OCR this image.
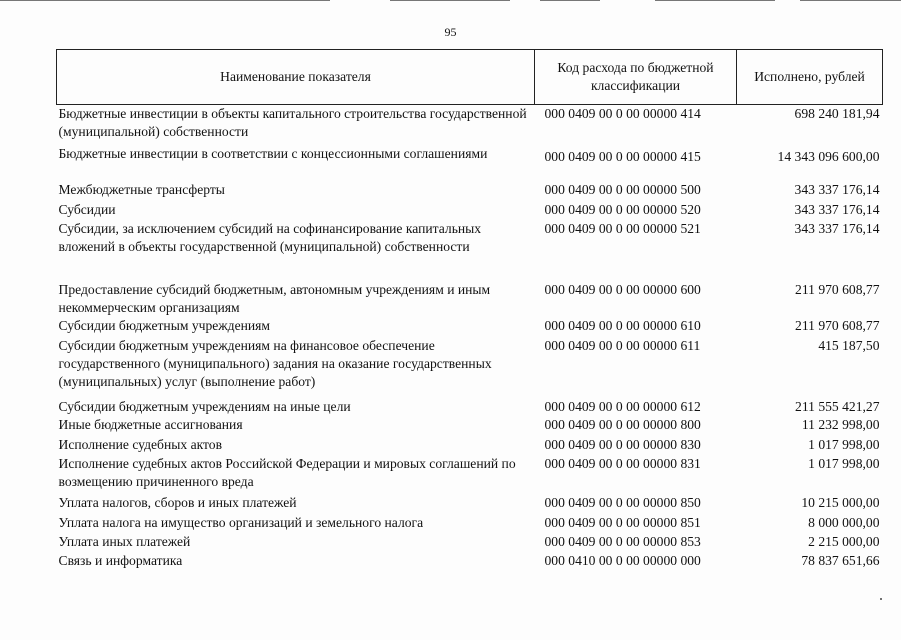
95
Наименование показателя	Код расхода по бюджетной классификации	Исполнено, рублей
Бюджетные инвестиции в объекты капитального строительства государственной (муниципальной) собственности	000 0409 00 0 00 00000 414	698 240 181,94
Бюджетные инвестиции в соответствии с концессионными соглашениями	000 0409 00 0 00 00000 415	14 343 096 600,00
Межбюджетные трансферты	000 0409 00 0 00 00000 500	343 337 176,14
Субсидии	000 0409 00 0 00 00000 520	343 337 176,14
Субсидии, за исключением субсидий на софинансирование капитальных вложений в объекты государственной (муниципальной) собственности	000 0409 00 0 00 00000 521	343 337 176,14
Предоставление субсидий бюджетным, автономным учреждениям и иным некоммерческим организациям	000 0409 00 0 00 00000 600	211 970 608,77
Субсидии бюджетным учреждениям	000 0409 00 0 00 00000 610	211 970 608,77
Субсидии бюджетным учреждениям на финансовое обеспечение государственного (муниципального) задания на оказание государственных (муниципальных) услуг (выполнение работ)	000 0409 00 0 00 00000 611	415 187,50
Субсидии бюджетным учреждениям на иные цели	000 0409 00 0 00 00000 612	211 555 421,27
Иные бюджетные ассигнования	000 0409 00 0 00 00000 800	11 232 998,00
Исполнение судебных актов	000 0409 00 0 00 00000 830	1 017 998,00
Исполнение судебных актов Российской Федерации и мировых соглашений по возмещению причиненного вреда	000 0409 00 0 00 00000 831	1 017 998,00
Уплата налогов, сборов и иных платежей	000 0409 00 0 00 00000 850	10 215 000,00
Уплата налога на имущество организаций и земельного налога	000 0409 00 0 00 00000 851	8 000 000,00
Уплата иных платежей	000 0409 00 0 00 00000 853	2 215 000,00
Связь и информатика	000 0410 00 0 00 00000 000	78 837 651,66
